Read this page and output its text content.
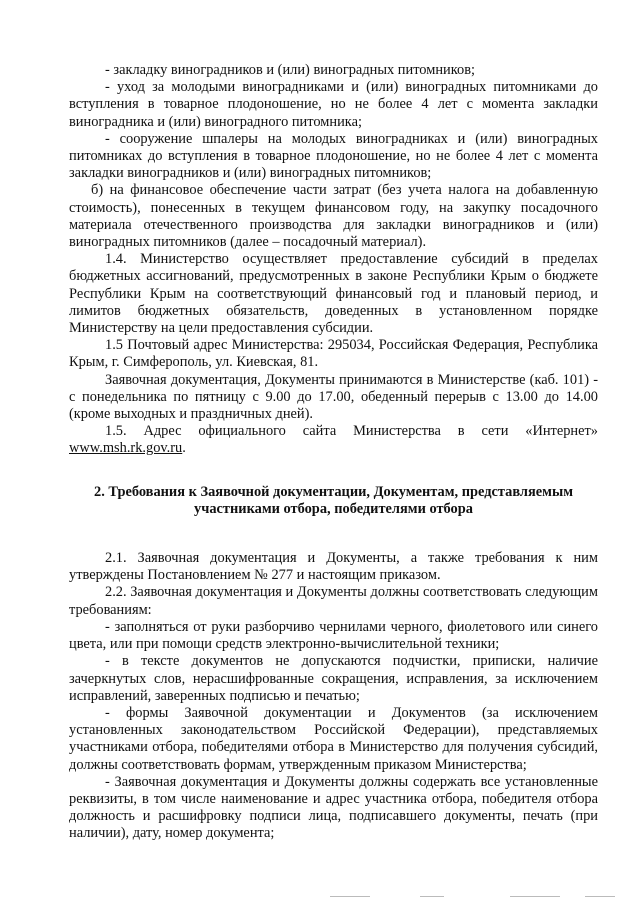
- закладку виноградников и (или) виноградных питомников;

- уход за молодыми виноградниками и (или) виноградных питомниками до вступления в товарное плодоношение, но не более 4 лет с момента закладки виноградника и (или) виноградного питомника;

- сооружение шпалеры на молодых виноградниках и (или) виноградных питомниках до вступления в товарное плодоношение, но не более 4 лет с момента закладки виноградников и (или) виноградных питомников;

б) на финансовое обеспечение части затрат (без учета налога на добавленную стоимость), понесенных в текущем финансовом году, на закупку посадочного материала отечественного производства для закладки виноградников и (или) виноградных питомников (далее – посадочный материал).

1.4. Министерство осуществляет предоставление субсидий в пределах бюджетных ассигнований, предусмотренных в законе Республики Крым о бюджете Республики Крым на соответствующий финансовый год и плановый период, и лимитов бюджетных обязательств, доведенных в установленном порядке Министерству на цели предоставления субсидии.

1.5 Почтовый адрес Министерства: 295034, Российская Федерация, Республика Крым, г. Симферополь, ул. Киевская, 81.

Заявочная документация, Документы принимаются в Министерстве (каб. 101) - с понедельника по пятницу с 9.00 до 17.00, обеденный перерыв с 13.00 до 14.00 (кроме выходных и праздничных дней).

1.5. Адрес официального сайта Министерства в сети «Интернет» www.msh.rk.gov.ru.

2. Требования к Заявочной документации, Документам, представляемым участниками отбора, победителями отбора

2.1. Заявочная документация и Документы, а также требования к ним утверждены Постановлением № 277 и настоящим приказом.

2.2. Заявочная документация и Документы должны соответствовать следующим требованиям:

- заполняться от руки разборчиво чернилами черного, фиолетового или синего цвета, или при помощи средств электронно-вычислительной техники;

- в тексте документов не допускаются подчистки, приписки, наличие зачеркнутых слов, нерасшифрованные сокращения, исправления, за исключением исправлений, заверенных подписью и печатью;

- формы Заявочной документации и Документов (за исключением установленных законодательством Российской Федерации), представляемых участниками отбора, победителями отбора в Министерство для получения субсидий, должны соответствовать формам, утвержденным приказом Министерства;

- Заявочная документация и Документы должны содержать все установленные реквизиты, в том числе наименование и адрес участника отбора, победителя отбора должность и расшифровку подписи лица, подписавшего документы, печать (при наличии), дату, номер документа;
